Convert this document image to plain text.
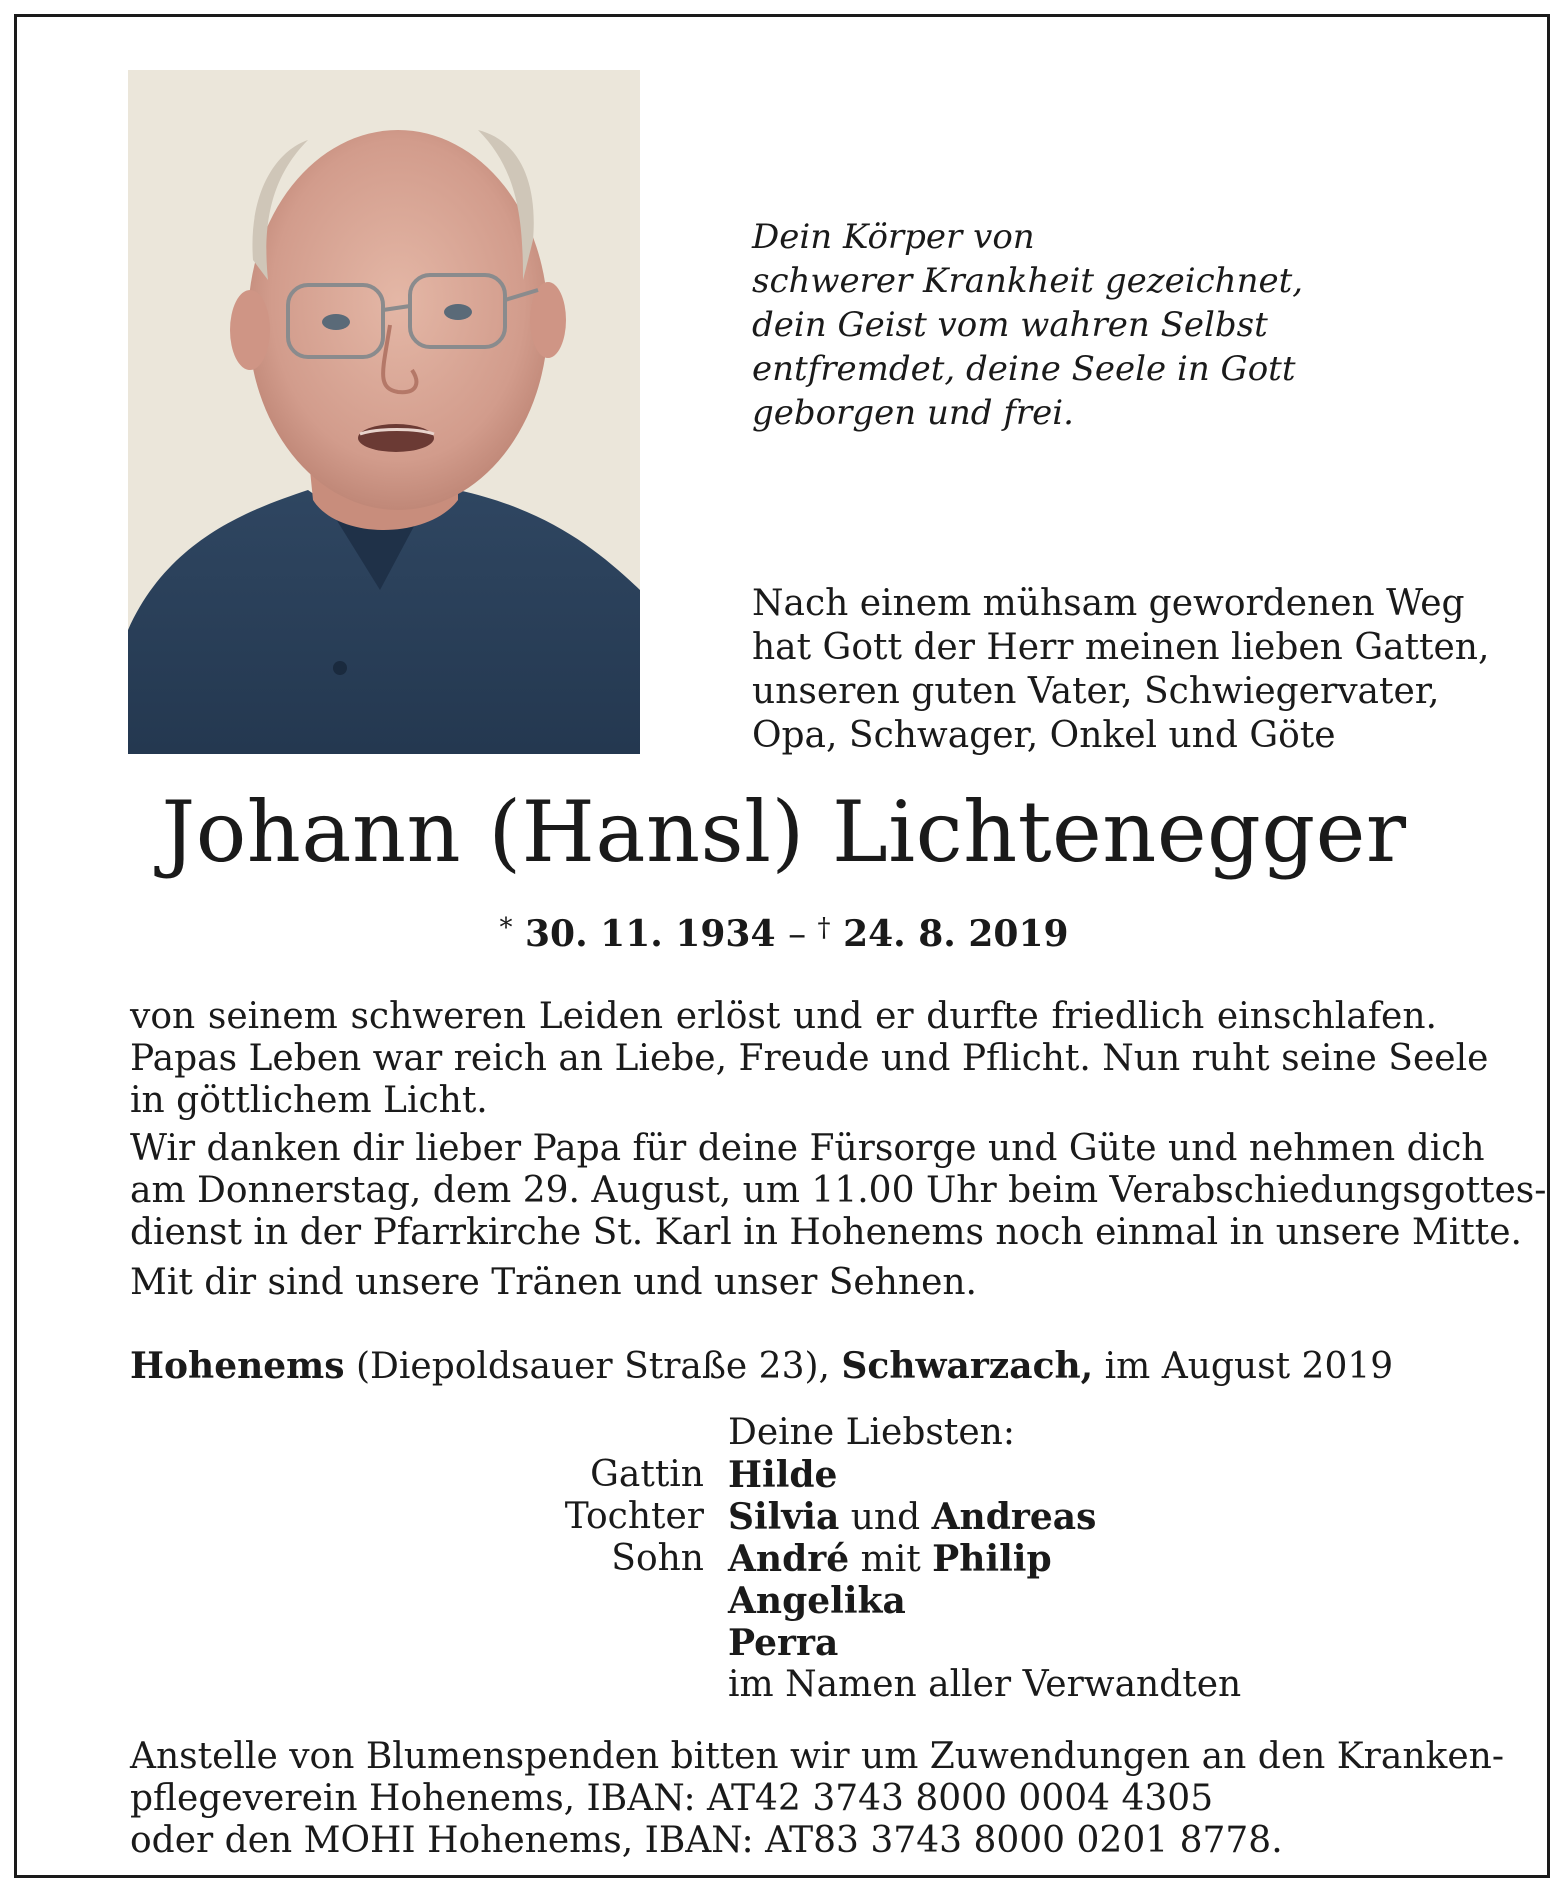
Dein Körper von
schwerer Krankheit gezeichnet,
dein Geist vom wahren Selbst
entfremdet, deine Seele in Gott
geborgen und frei.
Nach einem mühsam gewordenen Weg
hat Gott der Herr meinen lieben Gatten,
unseren guten Vater, Schwiegervater,
Opa, Schwager, Onkel und Göte
Johann (Hansl) Lichtenegger
* 30. 11. 1934 – † 24. 8. 2019
von seinem schweren Leiden erlöst und er durfte friedlich einschlafen.
Papas Leben war reich an Liebe, Freude und Pflicht. Nun ruht seine Seele
in göttlichem Licht.
Wir danken dir lieber Papa für deine Fürsorge und Güte und nehmen dich
am Donnerstag, dem 29. August, um 11.00 Uhr beim Verabschiedungsgottes-
dienst in der Pfarrkirche St. Karl in Hohenems noch einmal in unsere Mitte.
Mit dir sind unsere Tränen und unser Sehnen.
Hohenems (Diepoldsauer Straße 23), Schwarzach, im August 2019
Deine Liebsten:
Gattin Hilde
Tochter Silvia und Andreas
Sohn André mit Philip
Angelika
Perra
im Namen aller Verwandten
Anstelle von Blumenspenden bitten wir um Zuwendungen an den Kranken-
pflegeverein Hohenems, IBAN: AT42 3743 8000 0004 4305
oder den MOHI Hohenems, IBAN: AT83 3743 8000 0201 8778.
